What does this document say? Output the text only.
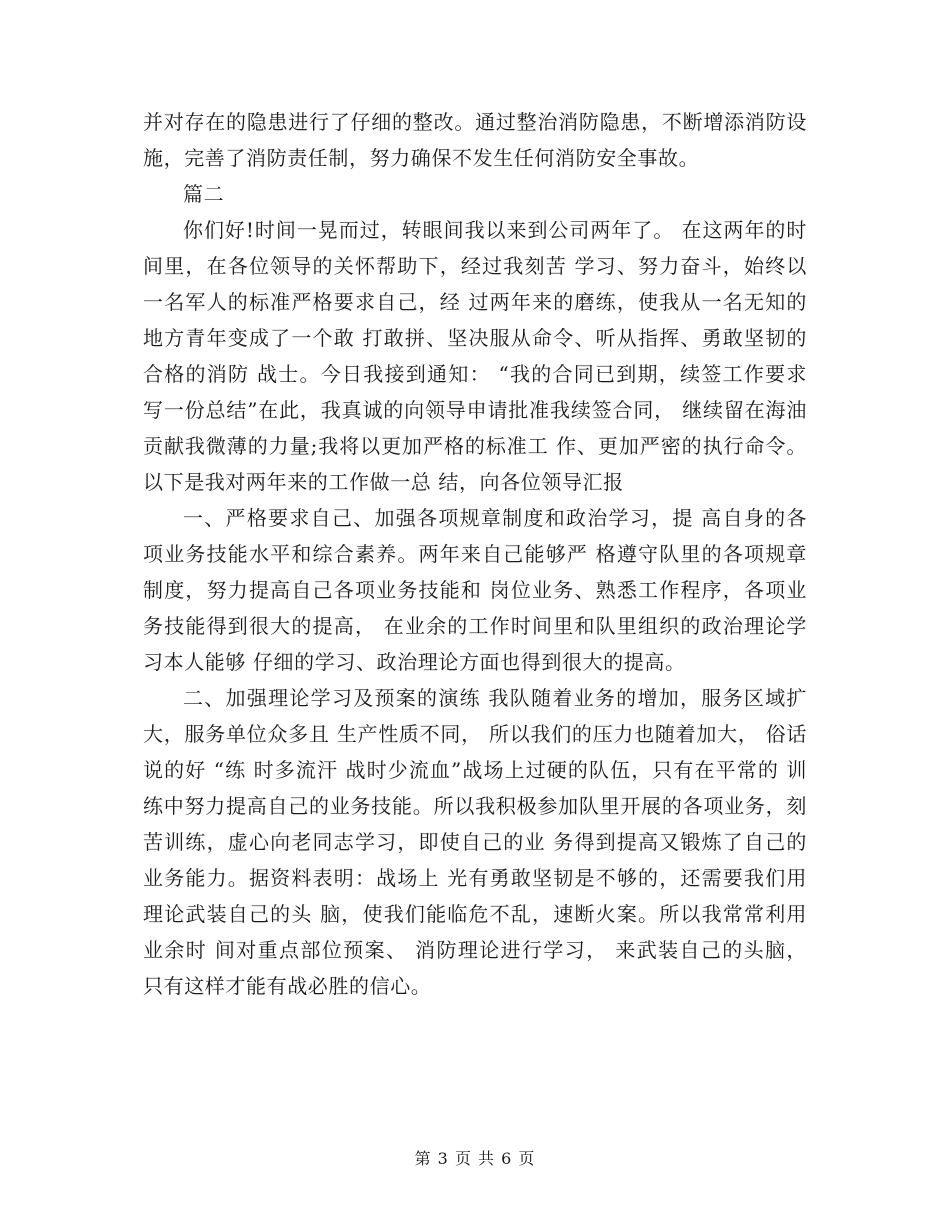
并对存在的隐患进行了仔细的整改。通过整治消防隐患，不断增添消防设施，完善了消防责任制，努力确保不发生任何消防安全事故。

篇二

你们好!时间一晃而过，转眼间我以来到公司两年了。 在这两年的时间里，在各位领导的关怀帮助下，经过我刻苦 学习、努力奋斗，始终以一名军人的标准严格要求自己，经 过两年来的磨练，使我从一名无知的地方青年变成了一个敢 打敢拼、坚决服从命令、听从指挥、勇敢坚韧的合格的消防 战士。今日我接到通知： “我的合同已到期，续签工作要求 写一份总结”在此，我真诚的向领导申请批准我续签合同， 继续留在海油贡献我微薄的力量;我将以更加严格的标准工 作、更加严密的执行命令。以下是我对两年来的工作做一总 结，向各位领导汇报

一、严格要求自己、加强各项规章制度和政治学习，提 高自身的各项业务技能水平和综合素养。两年来自己能够严 格遵守队里的各项规章制度，努力提高自己各项业务技能和 岗位业务、熟悉工作程序，各项业务技能得到很大的提高， 在业余的工作时间里和队里组织的政治理论学习本人能够 仔细的学习、政治理论方面也得到很大的提高。

二、加强理论学习及预案的演练 我队随着业务的增加，服务区域扩大，服务单位众多且 生产性质不同， 所以我们的压力也随着加大， 俗话说的好 “练 时多流汗 战时少流血”战场上过硬的队伍，只有在平常的 训练中努力提高自己的业务技能。所以我积极参加队里开展的各项业务，刻苦训练，虚心向老同志学习，即使自己的业 务得到提高又锻炼了自己的业务能力。据资料表明：战场上 光有勇敢坚韧是不够的，还需要我们用理论武装自己的头 脑，使我们能临危不乱，速断火案。所以我常常利用业余时 间对重点部位预案、 消防理论进行学习， 来武装自己的头脑， 只有这样才能有战必胜的信心。

第 3 页 共 6 页
